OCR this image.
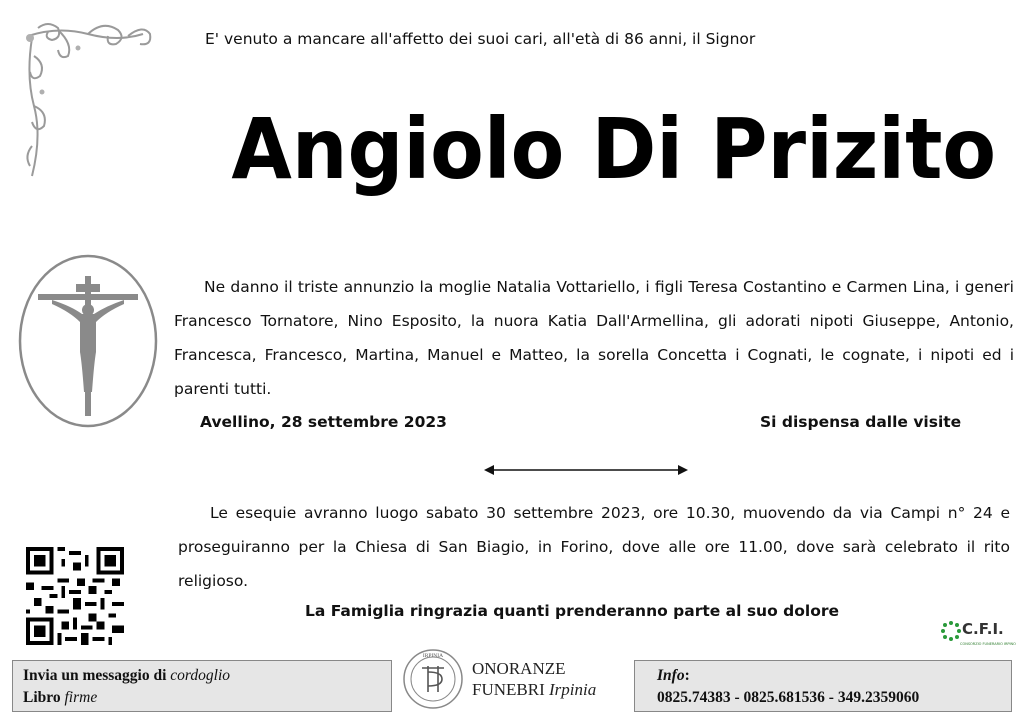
E' venuto a mancare all'affetto dei suoi cari, all'età di 86 anni, il Signor
Angiolo Di Prizito
Ne danno il triste annunzio la moglie Natalia Vottariello, i figli Teresa Costantino e Carmen Lina, i generi Francesco Tornatore, Nino Esposito, la nuora Katia Dall'Armellina, gli adorati nipoti Giuseppe, Antonio, Francesca, Francesco, Martina, Manuel e Matteo, la sorella Concetta i Cognati, le cognate, i nipoti ed i parenti tutti.
Avellino, 28 settembre 2023	Si dispensa dalle visite
Le esequie avranno luogo sabato 30 settembre 2023, ore 10.30, muovendo da via Campi n° 24 e proseguiranno per la Chiesa di San Biagio, in Forino, dove alle ore 11.00, dove sarà celebrato il rito religioso.
La Famiglia ringrazia quanti prenderanno parte al suo dolore
C.F.I.
CONSORZIO FUNERARIO IRPINO
Invia un messaggio di cordoglio
Libro firme
IRPINIA
ONORANZE
FUNEBRI Irpinia
Info:
0825.74383 - 0825.681536 - 349.2359060
